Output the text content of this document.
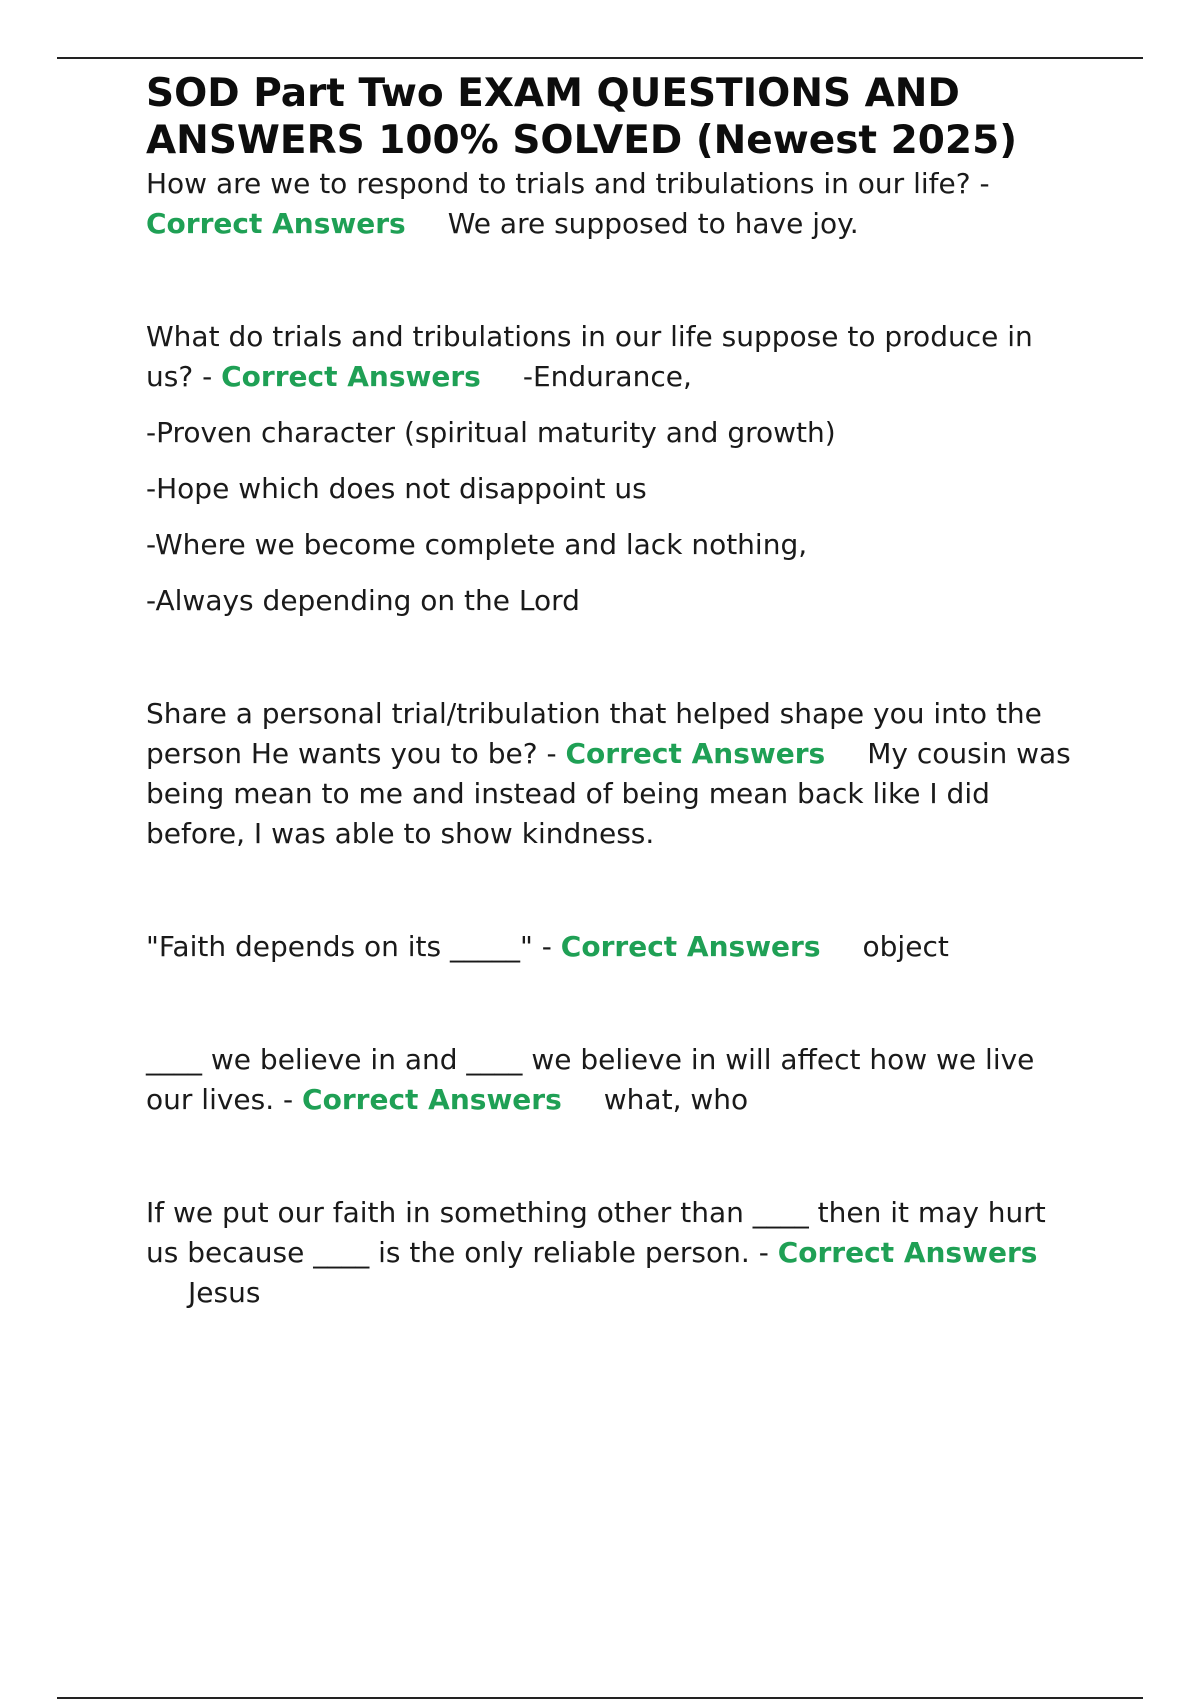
SOD Part Two EXAM QUESTIONS AND ANSWERS 100% SOLVED (Newest 2025)
How are we to respond to trials and tribulations in our life? - Correct Answers We are supposed to have joy.
What do trials and tribulations in our life suppose to produce in us? - Correct Answers -Endurance,
-Proven character (spiritual maturity and growth)
-Hope which does not disappoint us
-Where we become complete and lack nothing,
-Always depending on the Lord
Share a personal trial/tribulation that helped shape you into the person He wants you to be? - Correct Answers My cousin was being mean to me and instead of being mean back like I did before, I was able to show kindness.
"Faith depends on its _____" - Correct Answers object
____ we believe in and ____ we believe in will affect how we live our lives. - Correct Answers what, who
If we put our faith in something other than ____ then it may hurt us because ____ is the only reliable person. - Correct AnswersJesus
